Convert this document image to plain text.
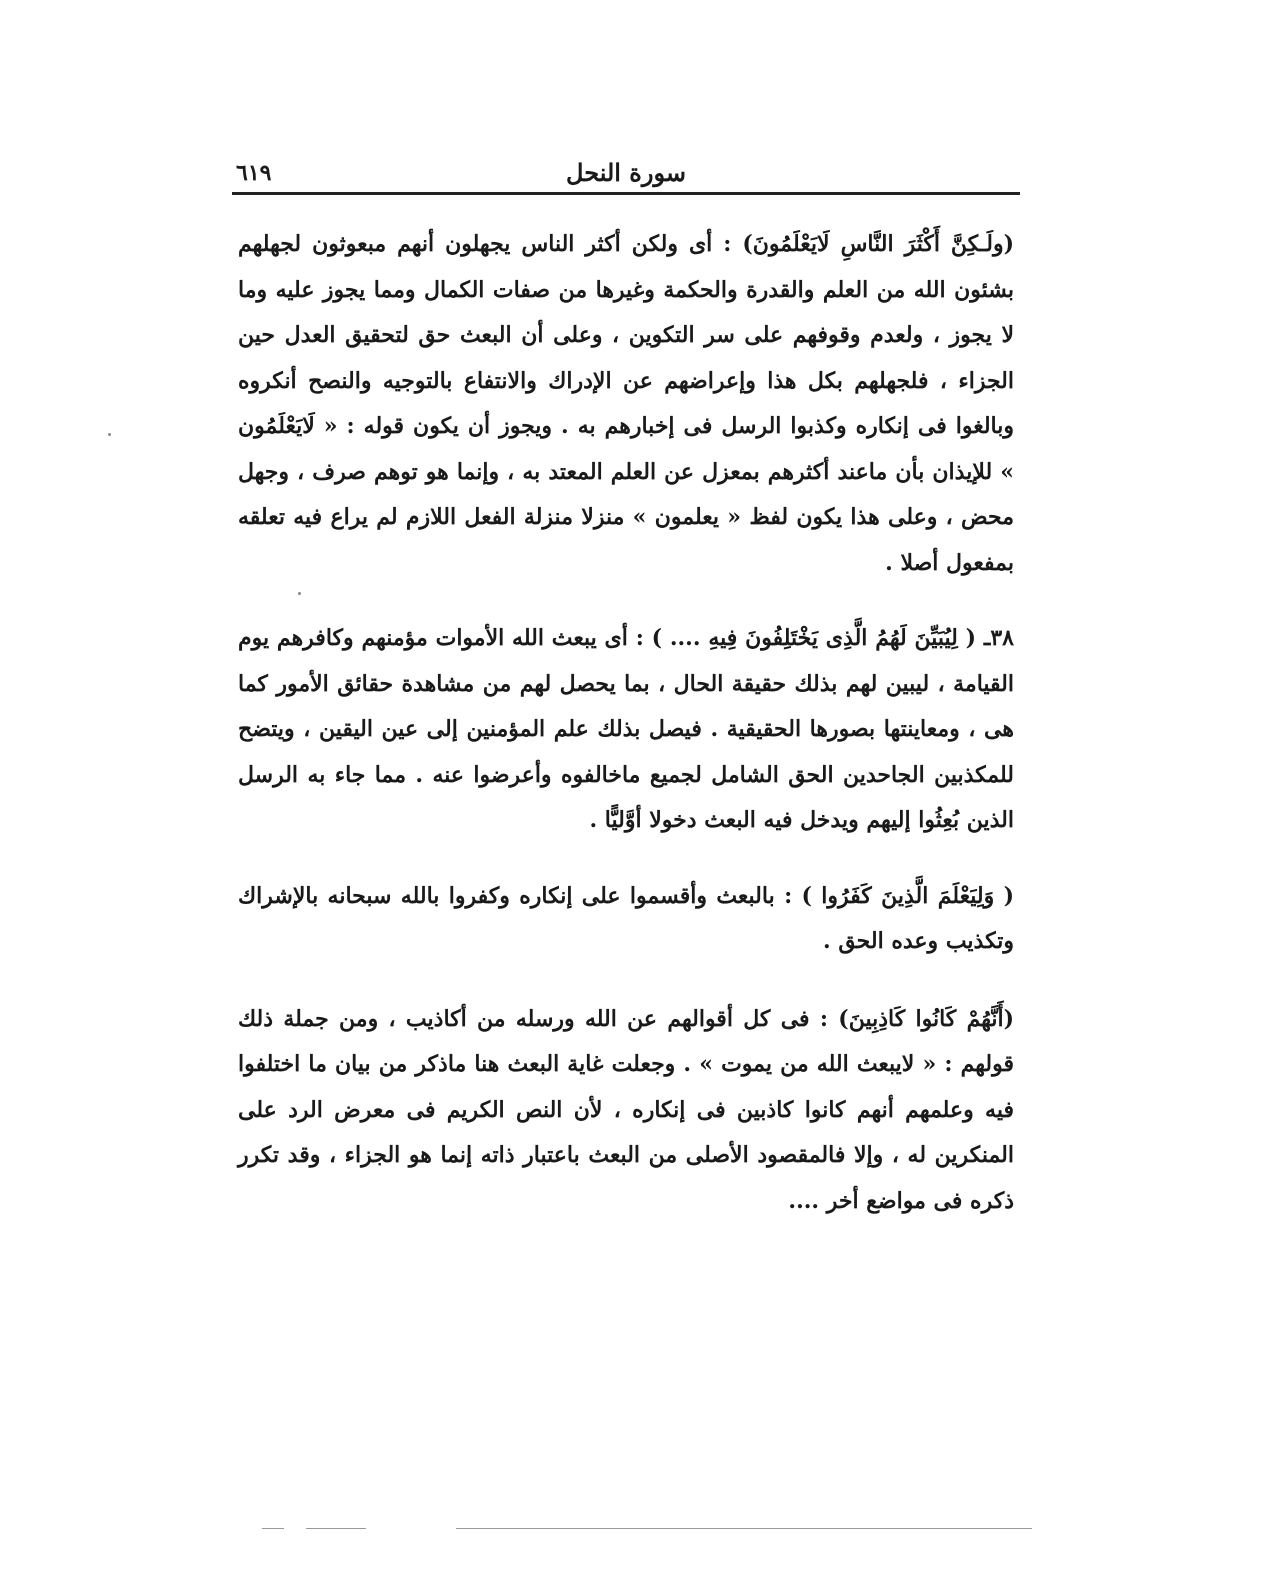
٦١٩	سورة النحل

(ولَـكِنَّ أَكْثَرَ النَّاسِ لَايَعْلَمُونَ) : أى ولكن أكثر الناس يجهلون أنهم مبعوثون لجهلهم بشئون الله من العلم والقدرة والحكمة وغيرها من صفات الكمال ومما يجوز عليه وما لا يجوز ، ولعدم وقوفهم على سر التكوين ، وعلى أن البعث حق لتحقيق العدل حين الجزاء ، فلجهلهم بكل هذا وإعراضهم عن الإدراك والانتفاع بالتوجيه والنصح أنكروه وبالغوا فى إنكاره وكذبوا الرسل فى إخبارهم به . ويجوز أن يكون قوله : « لَايَعْلَمُون » للإيذان بأن ماعند أكثرهم بمعزل عن العلم المعتد به ، وإنما هو توهم صرف ، وجهل محض ، وعلى هذا يكون لفظ « يعلمون » منزلا منزلة الفعل اللازم لم يراع فيه تعلقه بمفعول أصلا .

٣٨ـ ( لِيُبَيِّنَ لَهُمُ الَّذِى يَخْتَلِفُونَ فِيهِ .... ) : أى يبعث الله الأموات مؤمنهم وكافرهم يوم القيامة ، ليبين لهم بذلك حقيقة الحال ، بما يحصل لهم من مشاهدة حقائق الأمور كما هى ، ومعاينتها بصورها الحقيقية . فيصل بذلك علم المؤمنين إلى عين اليقين ، ويتضح للمكذبين الجاحدين الحق الشامل لجميع ماخالفوه وأعرضوا عنه . مما جاء به الرسل الذين بُعِثُوا إليهم ويدخل فيه البعث دخولا أوَّليًّا .

( وَلِيَعْلَمَ الَّذِينَ كَفَرُوا ) : بالبعث وأقسموا على إنكاره وكفروا بالله سبحانه بالإشراك وتكذيب وعده الحق .

(أَنَّهُمْ كَانُوا كَاذِبِينَ) : فى كل أقوالهم عن الله ورسله من أكاذيب ، ومن جملة ذلك قولهم : « لايبعث الله من يموت » . وجعلت غاية البعث هنا ماذكر من بيان ما اختلفوا فيه وعلمهم أنهم كانوا كاذبين فى إنكاره ، لأن النص الكريم فى معرض الرد على المنكرين له ، وإلا فالمقصود الأصلى من البعث باعتبار ذاته إنما هو الجزاء ، وقد تكرر ذكره فى مواضع أخر ....
